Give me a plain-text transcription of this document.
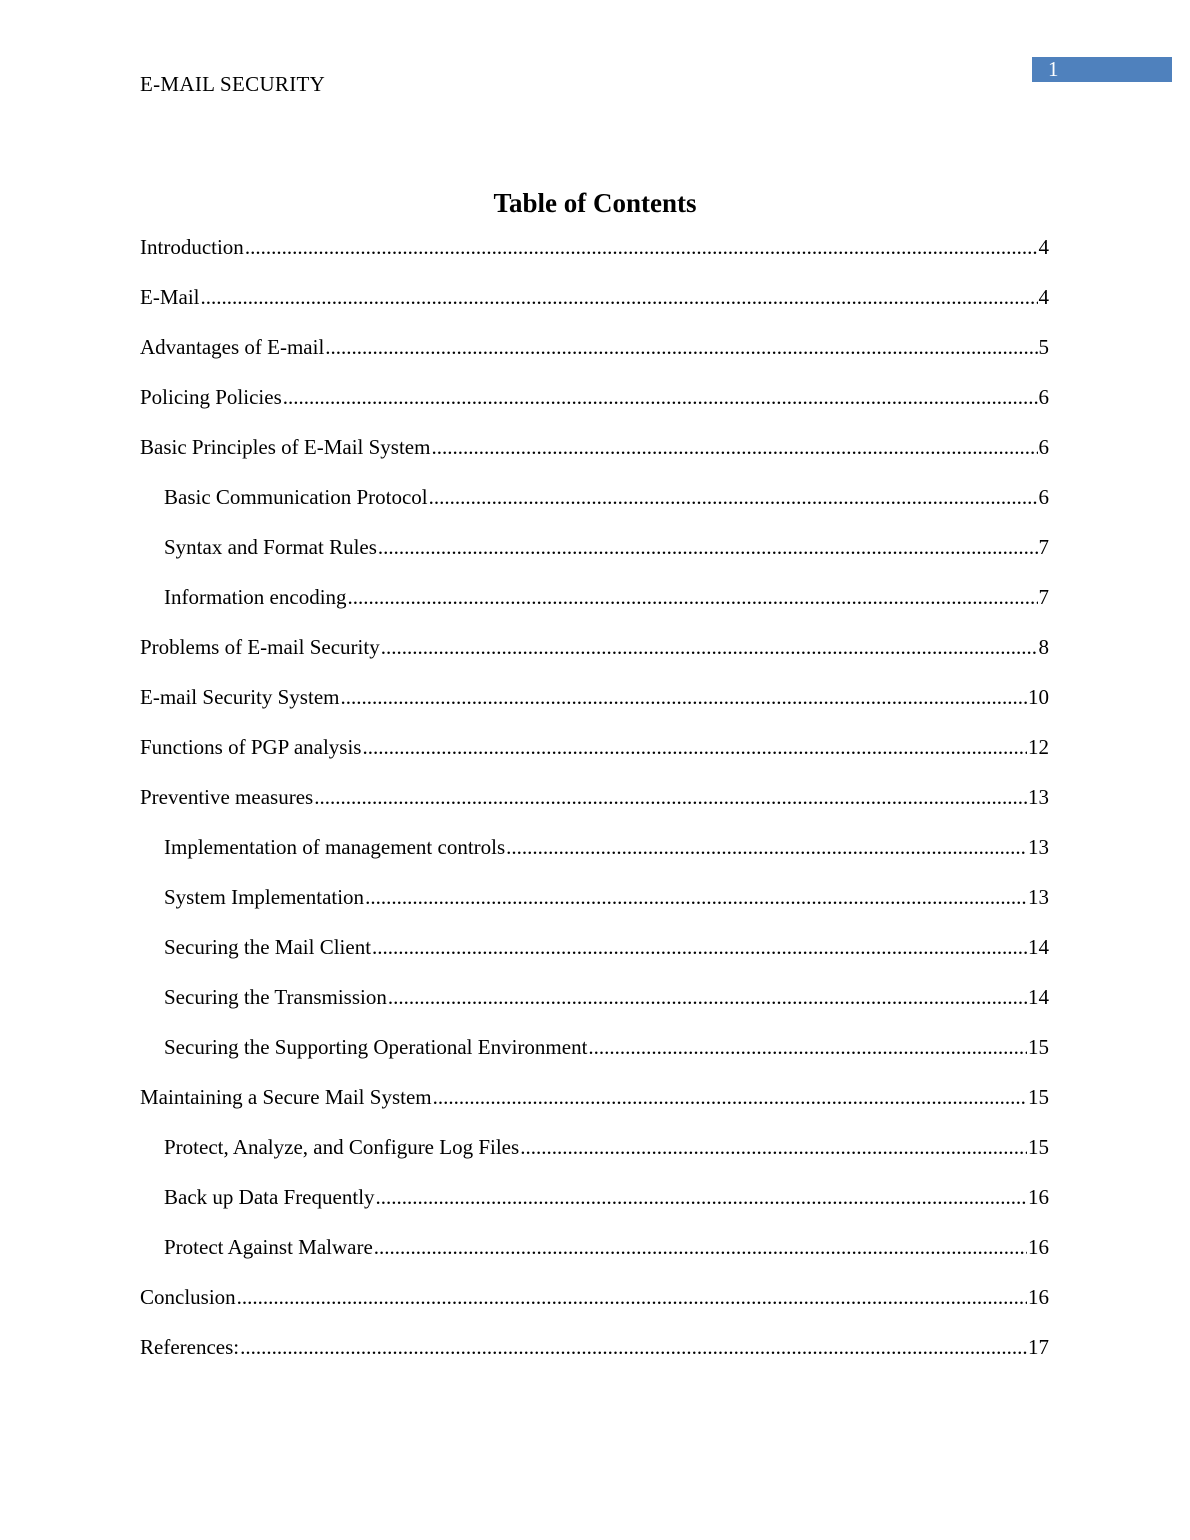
E-MAIL SECURITY
1
Table of Contents
Introduction .....	4
E-Mail .....	4
Advantages of E-mail .....	5
Policing Policies .....	6
Basic Principles of E-Mail System .....	6
Basic Communication Protocol .....	6
Syntax and Format Rules .....	7
Information encoding .....	7
Problems of E-mail Security .....	8
E-mail Security System .....	10
Functions of PGP analysis .....	12
Preventive measures .....	13
Implementation of management controls .....	13
System Implementation .....	13
Securing the Mail Client .....	14
Securing the Transmission .....	14
Securing the Supporting Operational Environment .....	15
Maintaining a Secure Mail System .....	15
Protect, Analyze, and Configure Log Files .....	15
Back up Data Frequently .....	16
Protect Against Malware .....	16
Conclusion .....	16
References: .....	17
